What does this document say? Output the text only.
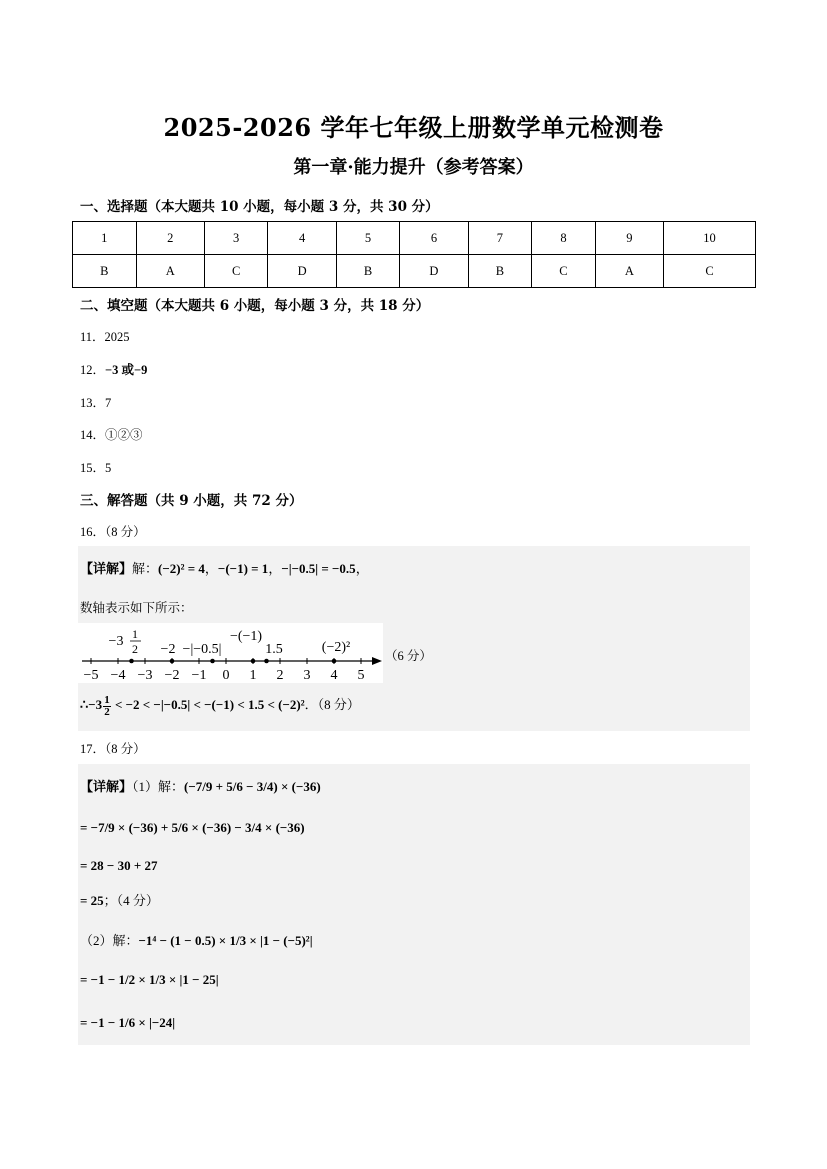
2025-2026 学年七年级上册数学单元检测卷
第一章·能力提升（参考答案）
一、选择题（本大题共 10 小题，每小题 3 分，共 30 分）
1	2	3	4	5	6	7	8	9	10
B	A	C	D	B	D	B	C	A	C
二、填空题（本大题共 6 小题，每小题 3 分，共 18 分）
11．2025
12．−3 或−9
13．7
14．①②③
15．5
三、解答题（共 9 小题，共 72 分）
16．（8 分）
【详解】解：(−2)² = 4，−(−1) = 1，−|−0.5| = −0.5，
数轴表示如下所示：
−5 −4 −3 −2 −1 0 1 2 3 4 5
−3 1
2 −2 −|−0.5|
−(−1)
1.5	(−2)²
（6 分）
∴−3 $\frac{1}{2} < -2 < -|-0.5| < -(-1) < 1.5 < (-2)^2$．（8 分）
17．（8 分）
【详解】（1）解：(−7/9 + 5/6 − 3/4) × (−36)
= −7/9 × (−36) + 5/6 × (−36) − 3/4 × (−36)
= 28 − 30 + 27
= 25；（4 分）
（2）解：−1⁴ − (1 − 0.5) × 1/3 × |1 − (−5)²|
= −1 − 1/2 × 1/3 × |1 − 25|
= −1 − 1/6 × |−24|
